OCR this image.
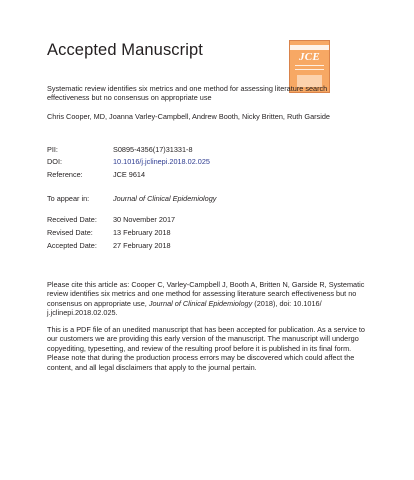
Accepted Manuscript	JCE

Systematic review identifies six metrics and one method for assessing literature search effectiveness but no consensus on appropriate use

Chris Cooper, MD, Joanna Varley-Campbell, Andrew Booth, Nicky Britten, Ruth Garside
PII:	S0895-4356(17)31331-8
DOI:	10.1016/j.jclinepi.2018.02.025
Reference:	JCE 9614
To appear in:	Journal of Clinical Epidemiology
Received Date: 30 November 2017
Revised Date:	13 February 2018
Accepted Date: 27 February 2018
Please cite this article as: Cooper C, Varley-Campbell J, Booth A, Britten N, Garside R, Systematic review identifies six metrics and one method for assessing literature search effectiveness but no consensus on appropriate use, Journal of Clinical Epidemiology (2018), doi: 10.1016/ j.jclinepi.2018.02.025.
This is a PDF file of an unedited manuscript that has been accepted for publication. As a service to our customers we are providing this early version of the manuscript. The manuscript will undergo copyediting, typesetting, and review of the resulting proof before it is published in its final form. Please note that during the production process errors may be discovered which could affect the content, and all legal disclaimers that apply to the journal pertain.
